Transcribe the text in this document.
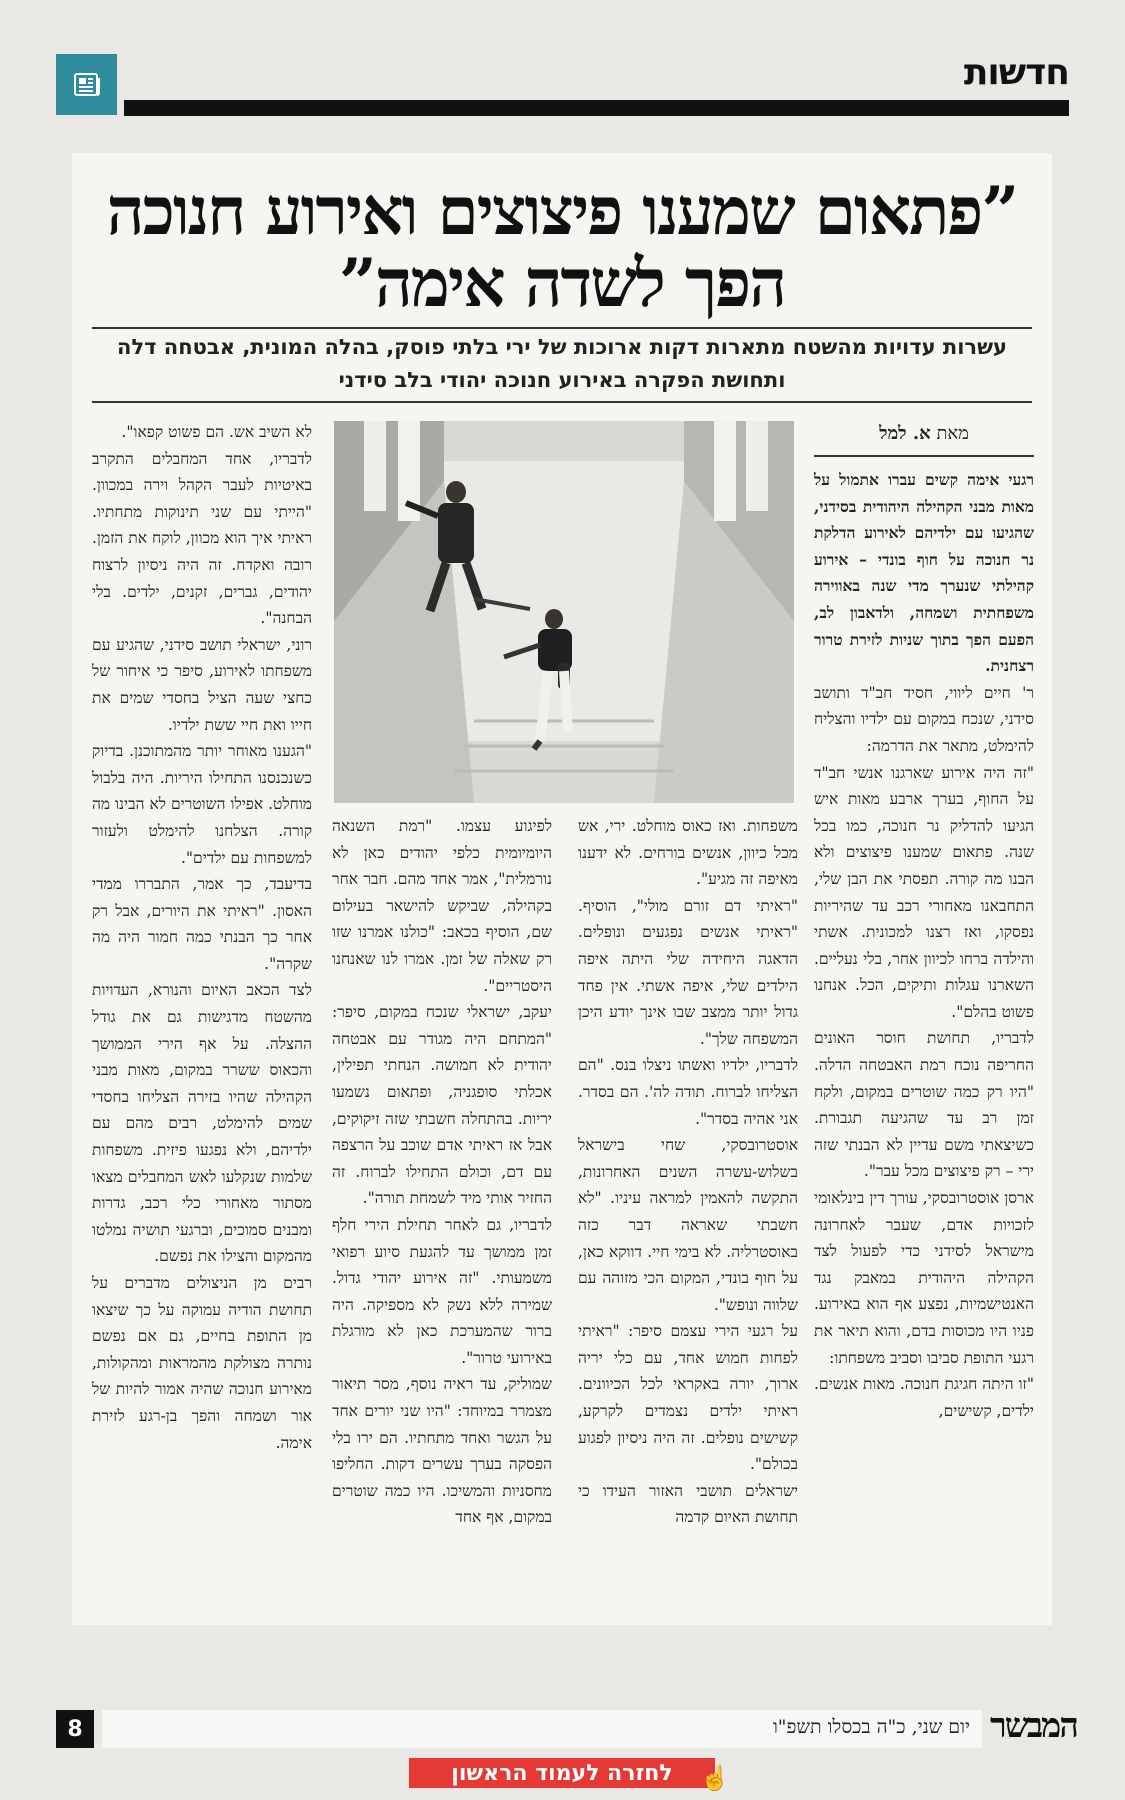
חדשות
”פתאום שמענו פיצוצים ואירוע חנוכה הפך לשדה אימה”
עשרות עדויות מהשטח מתארות דקות ארוכות של ירי בלתי פוסק, בהלה המונית, אבטחה דלה ותחושת הפקרה באירוע חנוכה יהודי בלב סידני
מאת א. למל

רגעי אימה קשים עברו אתמול על מאות מבני הקהילה היהודית בסידני, שהגיעו עם ילדיהם לאירוע הדלקת נר חנוכה על חוף בונדי – אירוע קהילתי שנערך מדי שנה באווירה משפחתית ושמחה, ולדאבון לב, הפעם הפך בתוך שניות לזירת טרור רצחנית.

ר' חיים ליווי, חסיד חב"ד ותושב סידני, שנכח במקום עם ילדיו והצליח להימלט, מתאר את הדרמה:

"זה היה אירוע שארגנו אנשי חב"ד על החוף, בערך ארבע מאות איש הגיעו להדליק נר חנוכה, כמו בכל שנה. פתאום שמענו פיצוצים ולא הבנו מה קורה. תפסתי את הבן שלי, התחבאנו מאחורי רכב עד שהיריות נפסקו, ואז רצנו למכונית. אשתי והילדה ברחו לכיוון אחר, בלי נעליים. השארנו עגלות ותיקים, הכל. אנחנו פשוט בהלם".

לדבריו, תחושת חוסר האונים החריפה נוכח רמת האבטחה הדלה. "היו רק כמה שוטרים במקום, ולקח זמן רב עד שהגיעה תגבורת. כשיצאתי משם עדיין לא הבנתי שזה ירי – רק פיצוצים מכל עבר".

ארסן אוסטרובסקי, עורך דין בינלאומי לזכויות אדם, שעבר לאחרונה מישראל לסידני כדי לפעול לצד הקהילה היהודית במאבק נגד האנטישמיות, נפצע אף הוא באירוע. פניו היו מכוסות בדם, והוא תיאר את רגעי התופת סביבו וסביב משפחתו:

"זו היתה חגיגת חנוכה. מאות אנשים. ילדים, קשישים,

משפחות. ואז כאוס מוחלט. ירי, אש מכל כיוון, אנשים בורחים. לא ידענו מאיפה זה מגיע".

"ראיתי דם זורם מולי", הוסיף. "ראיתי אנשים נפגעים ונופלים. הדאגה היחידה שלי היתה איפה הילדים שלי, איפה אשתי. אין פחד גדול יותר ממצב שבו אינך יודע היכן המשפחה שלך".

לדבריו, ילדיו ואשתו ניצלו בנס. "הם הצליחו לברוח. תודה לה'. הם בסדר. אני אהיה בסדר".

אוסטרובסקי, שחי בישראל בשלוש-עשרה השנים האחרונות, התקשה להאמין למראה עיניו. "לא חשבתי שאראה דבר כזה באוסטרליה. לא בימי חיי. דווקא כאן, על חוף בונדי, המקום הכי מזוהה עם שלווה ונופש".

על רגעי הירי עצמם סיפר: "ראיתי לפחות חמוש אחד, עם כלי יריה ארוך, יורה באקראי לכל הכיוונים. ראיתי ילדים נצמדים לקרקע, קשישים נופלים. זה היה ניסיון לפגוע בכולם".

ישראלים תושבי האזור העידו כי תחושת האיום קדמה

לפיגוע עצמו. "רמת השנאה היומיומית כלפי יהודים כאן לא נורמלית", אמר אחד מהם. חבר אחר בקהילה, שביקש להישאר בעילום שם, הוסיף בכאב: "כולנו אמרנו שזו רק שאלה של זמן. אמרו לנו שאנחנו היסטריים".

יעקב, ישראלי שנכח במקום, סיפר: "המתחם היה מגודר עם אבטחה יהודית לא חמושה. הנחתי תפילין, אכלתי סופגניה, ופתאום נשמעו יריות. בהתחלה חשבתי שזה זיקוקים, אבל אז ראיתי אדם שוכב על הרצפה עם דם, וכולם התחילו לברוח. זה החזיר אותי מיד לשמחת תורה".

לדבריו, גם לאחר תחילת הירי חלף זמן ממושך עד להגעת סיוע רפואי משמעותי. "זה אירוע יהודי גדול. שמירה ללא נשק לא מספיקה. היה ברור שהמערכת כאן לא מורגלת באירועי טרור".

שמוליק, עד ראיה נוסף, מסר תיאור מצמרר במיוחד: "היו שני יורים אחד על הגשר ואחד מתחתיו. הם ירו בלי הפסקה בערך עשרים דקות. החליפו מחסניות והמשיכו. היו כמה שוטרים במקום, אף אחד

לא השיב אש. הם פשוט קפאו".

לדבריו, אחד המחבלים התקרב באיטיות לעבר הקהל וירה במכוון. "הייתי עם שני תינוקות מתחתיו. ראיתי איך הוא מכוון, לוקח את הזמן. רובה ואקדח. זה היה ניסיון לרצוח יהודים, גברים, זקנים, ילדים. בלי הבחנה".

רוני, ישראלי תושב סידני, שהגיע עם משפחתו לאירוע, סיפר כי איחור של כחצי שעה הציל בחסדי שמים את חייו ואת חיי ששת ילדיו.

"הגענו מאוחר יותר מהמתוכנן. בדיוק כשנכנסנו התחילו היריות. היה בלבול מוחלט. אפילו השוטרים לא הבינו מה קורה. הצלחנו להימלט ולעזור למשפחות עם ילדים".

בדיעבד, כך אמר, התבררו ממדי האסון. "ראיתי את היורים, אבל רק אחר כך הבנתי כמה חמור היה מה שקרה".

לצד הכאב האיום והנורא, העדויות מהשטח מדגישות גם את גודל ההצלה. על אף הירי הממושך והכאוס ששרר במקום, מאות מבני הקהילה שהיו בזירה הצליחו בחסדי שמים להימלט, רבים מהם עם ילדיהם, ולא נפגעו פיזית. משפחות שלמות שנקלעו לאש המחבלים מצאו מסתור מאחורי כלי רכב, גדרות ומבנים סמוכים, וברגעי תושיה נמלטו מהמקום והצילו את נפשם.

רבים מן הניצולים מדברים על תחושת הודיה עמוקה על כך שיצאו מן התופת בחיים, גם אם נפשם נותרה מצולקת מהמראות ומהקולות, מאירוע חנוכה שהיה אמור להיות של אור ושמחה והפך בן-רגע לזירת אימה.

8	יום שני, כ"ה בכסלו תשפ"ו המבשר
לחזרה לעמוד הראשון	☝
